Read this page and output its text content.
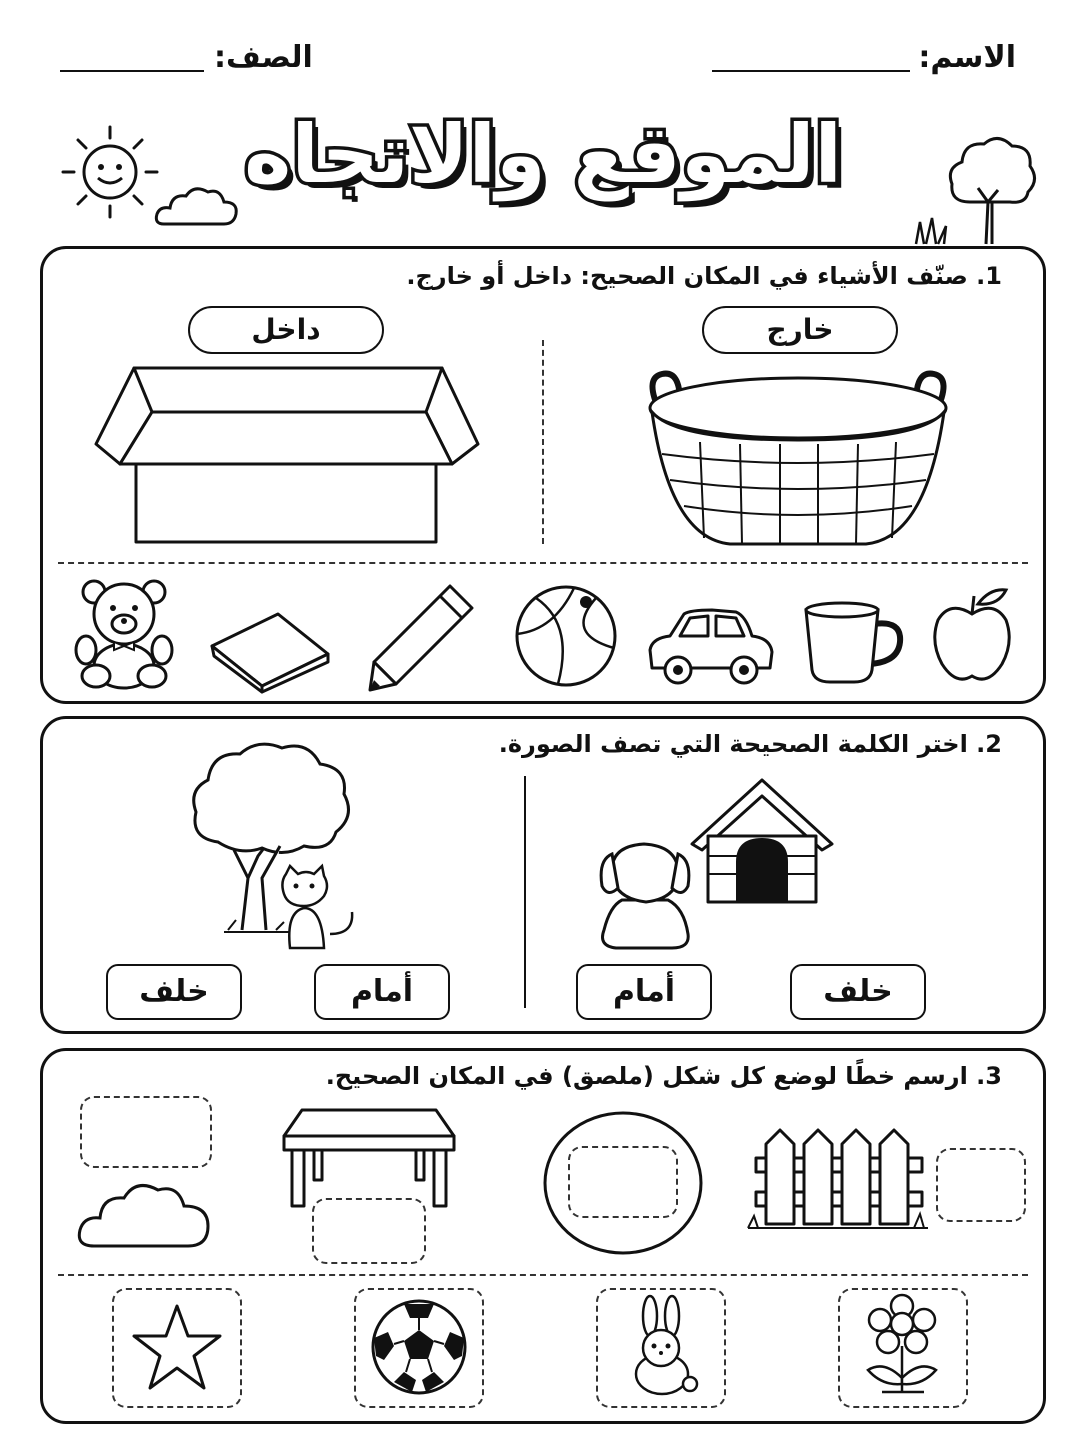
الاسم:
الصف:
الموقع والاتجاه
1. صنّف الأشياء في المكان الصحيح: داخل أو خارج.
داخل	خارج
2. اختر الكلمة الصحيحة التي تصف الصورة.
خلف	أمام	أمام	خلف
3. ارسم خطًا لوضع كل شكل (ملصق) في المكان الصحيح.
